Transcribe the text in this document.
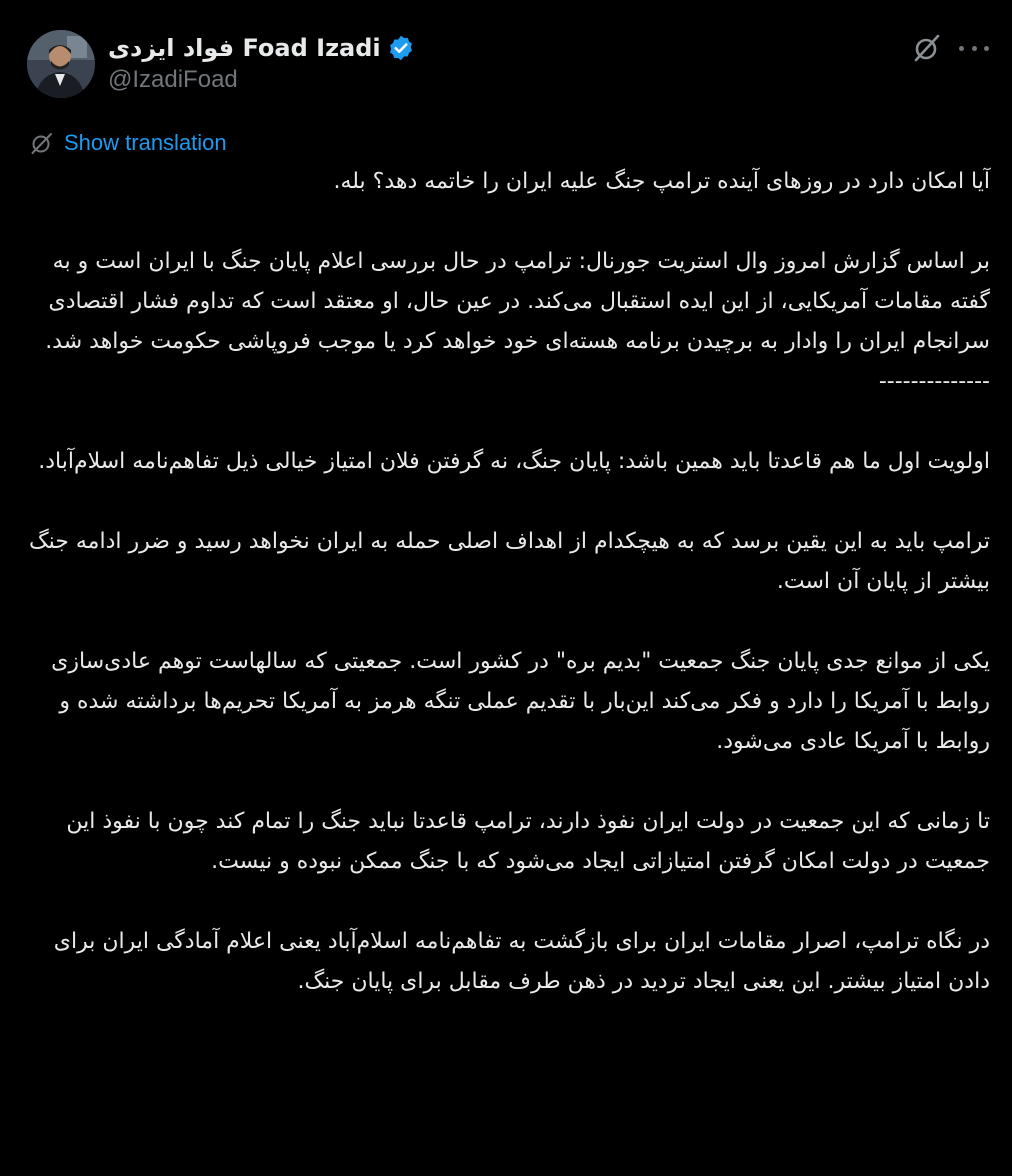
فواد ایزدی Foad Izadi
@IzadiFoad
Show translation

آیا امکان دارد در روزهای آینده ترامپ جنگ علیه ایران را خاتمه دهد؟ بله.

بر اساس گزارش امروز وال استریت جورنال: ترامپ در حال بررسی اعلام پایان جنگ با ایران است و به گفته مقامات آمریکایی، از این ایده استقبال می‌کند. در عین حال، او معتقد است که تداوم فشار اقتصادی سرانجام ایران را وادار به برچیدن برنامه هسته‌ای خود خواهد کرد یا موجب فروپاشی حکومت خواهد شد.

--------------

اولویت اول ما هم قاعدتا باید همین باشد: پایان جنگ، نه گرفتن فلان امتیاز خیالی ذیل تفاهم‌نامه اسلام‌آباد.

ترامپ باید به این یقین برسد که به هیچکدام از اهداف اصلی حمله به ایران نخواهد رسید و ضرر ادامه جنگ بیشتر از پایان آن است.

یکی از موانع جدی پایان جنگ جمعیت "بدیم بره" در کشور است. جمعیتی که سالهاست توهم عادی‌سازی روابط با آمریکا را دارد و فکر می‌کند این‌بار با تقدیم عملی تنگه هرمز به آمریکا تحریم‌ها برداشته شده و روابط با آمریکا عادی می‌شود.

تا زمانی که این جمعیت در دولت ایران نفوذ دارند، ترامپ قاعدتا نباید جنگ را تمام کند چون با نفوذ این جمعیت در دولت امکان گرفتن امتیازاتی ایجاد می‌شود که با جنگ ممکن نبوده و نیست.

در نگاه ترامپ، اصرار مقامات ایران برای بازگشت به تفاهم‌نامه اسلام‌آباد یعنی اعلام آمادگی ایران برای دادن امتیاز بیشتر. این یعنی ایجاد تردید در ذهن طرف مقابل برای پایان جنگ.
